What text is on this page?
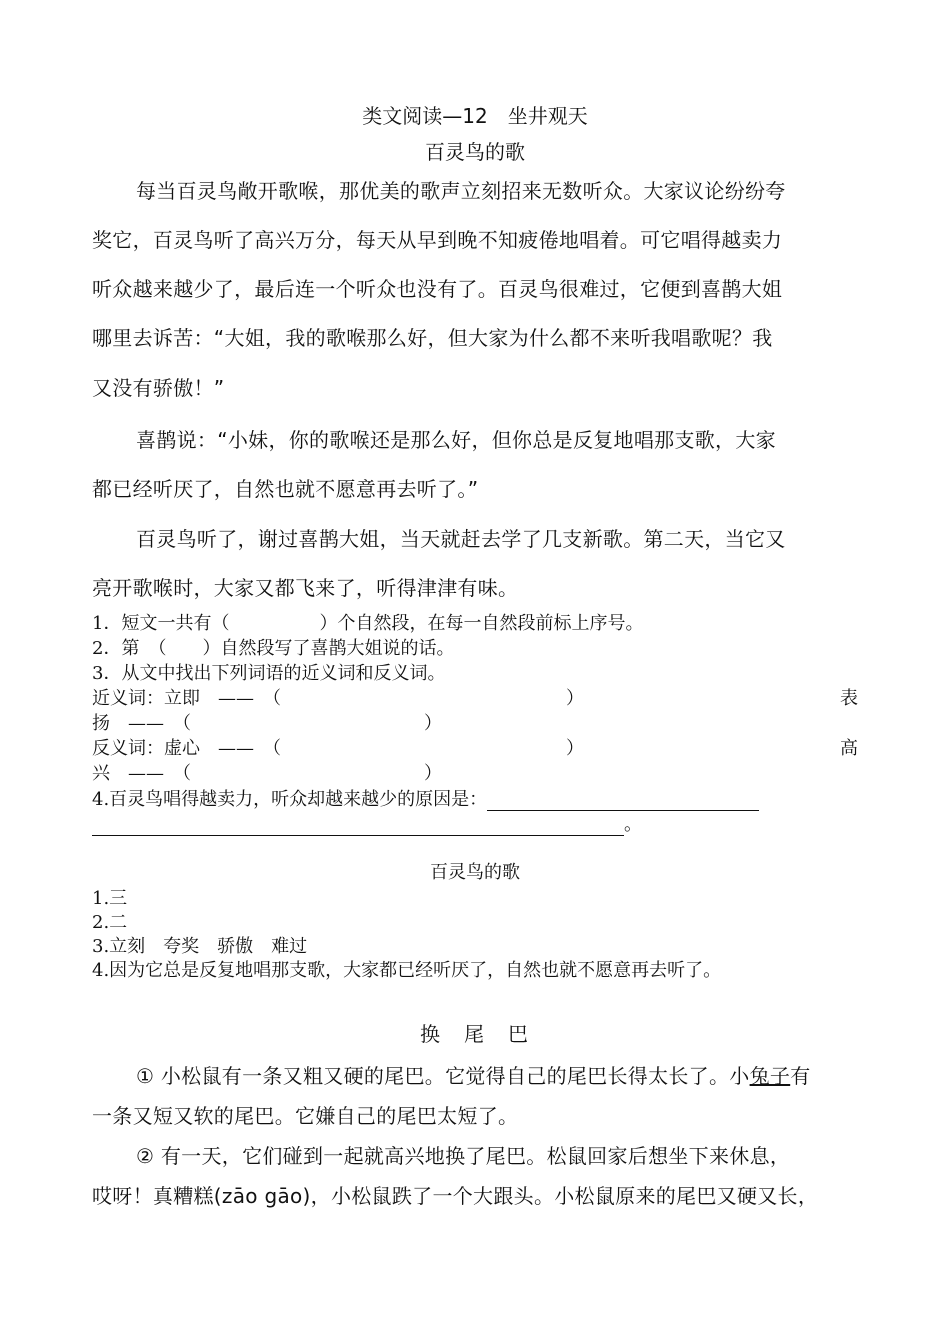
类文阅读—12　坐井观天
百灵鸟的歌
每当百灵鸟敞开歌喉，那优美的歌声立刻招来无数听众。大家议论纷纷夸
奖它，百灵鸟听了高兴万分，每天从早到晚不知疲倦地唱着。可它唱得越卖力
听众越来越少了，最后连一个听众也没有了。百灵鸟很难过，它便到喜鹊大姐
哪里去诉苦：“大姐，我的歌喉那么好，但大家为什么都不来听我唱歌呢？我
又没有骄傲！”
喜鹊说：“小妹，你的歌喉还是那么好，但你总是反复地唱那支歌，大家
都已经听厌了，自然也就不愿意再去听了。”
百灵鸟听了，谢过喜鹊大姐，当天就赶去学了几支新歌。第二天，当它又
亮开歌喉时，大家又都飞来了，听得津津有味。
1．短文一共有（　　　　　）个自然段，在每一自然段前标上序号。
2．第　（　　）自然段写了喜鹊大姐说的话。
3．从文中找出下列词语的近义词和反义词。
近义词：立即　——　（	）	表
扬　——　（	）
反义词：虚心　——　（	）	高
兴　——　（	）
4.百灵鸟唱得越卖力，听众却越来越少的原因是：
。
百灵鸟的歌
1.三
2.二
3.立刻　夸奖　骄傲　难过
4.因为它总是反复地唱那支歌，大家都已经听厌了，自然也就不愿意再去听了。
换　尾　巴
① 小松鼠有一条又粗又硬的尾巴。它觉得自己的尾巴长得太长了。小兔子有
一条又短又软的尾巴。它嫌自己的尾巴太短了。
② 有一天，它们碰到一起就高兴地换了尾巴。松鼠回家后想坐下来休息，
哎呀！真糟糕(zāo gāo)，小松鼠跌了一个大跟头。小松鼠原来的尾巴又硬又长，
